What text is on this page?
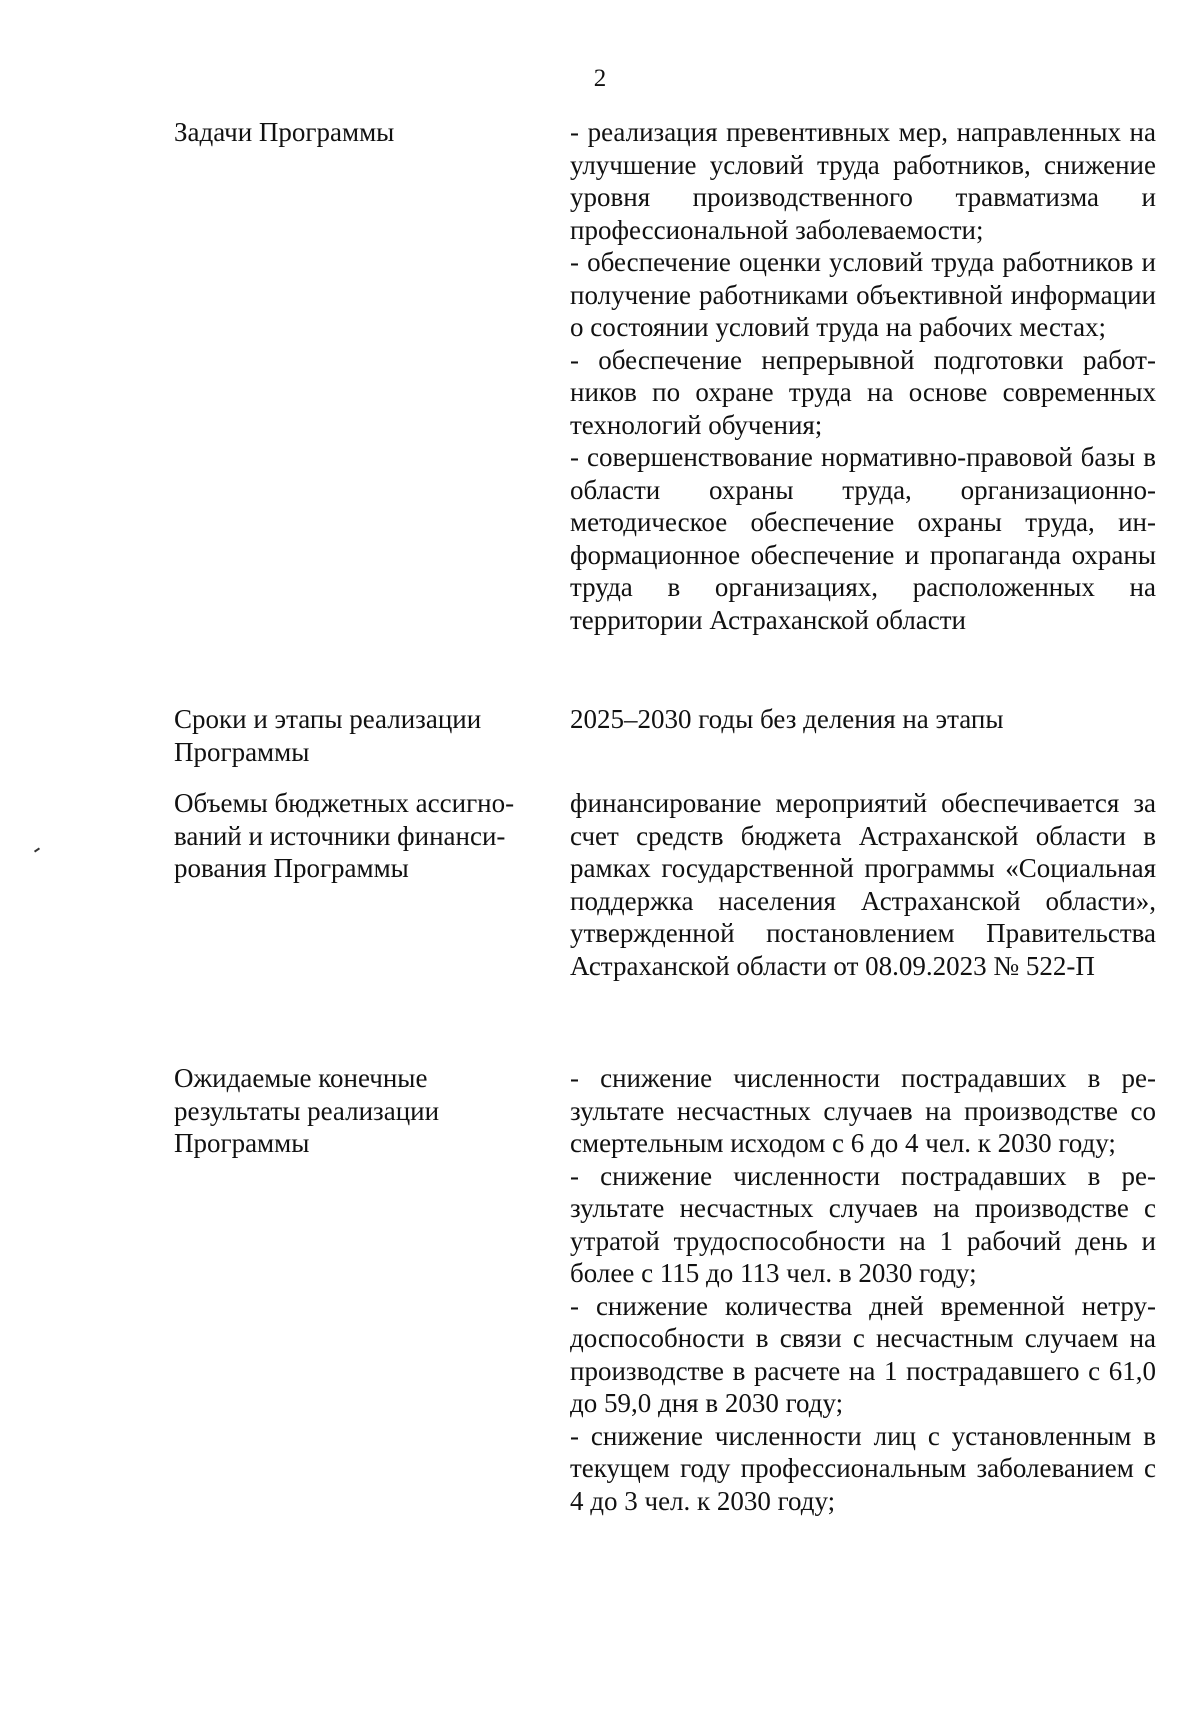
2
Задачи Программы	- реализация превентивных мер, направленных на улучшение условий труда работников, снижение уровня производственного травматизма и профессиональной заболеваемости;

- обеспечение оценки условий труда работников и получение работниками объективной информации о состоянии условий труда на рабочих местах;

- обеспечение непрерывной подготовки работников по охране труда на основе современных технологий обучения;

- совершенствование нормативно-правовой базы в области охраны труда, организационно-методическое обеспечение охраны труда, информационное обеспечение и пропаганда охраны труда в организациях, расположенных на территории Астраханской области

Сроки и этапы реализации Программы

2025–2030 годы без деления на этапы

Объемы бюджетных ассигнований и источники финансирования Программы

финансирование мероприятий обеспечивается за счет средств бюджета Астраханской области в рамках государственной программы «Социальная поддержка населения Астраханской области», утвержденной постановлением Правительства Астраханской области от 08.09.2023 № 522-П

Ожидаемые конечные результаты реализации Программы

- снижение численности пострадавших в результате несчастных случаев на производстве со смертельным исходом с 6 до 4 чел. к 2030 году;

- снижение численности пострадавших в результате несчастных случаев на производстве с утратой трудоспособности на 1 рабочий день и более с 115 до 113 чел. в 2030 году;

- снижение количества дней временной нетрудоспособности в связи с несчастным случаем на производстве в расчете на 1 пострадавшего с 61,0 до 59,0 дня в 2030 году;

- снижение численности лиц с установленным в текущем году профессиональным заболеванием с 4 до 3 чел. к 2030 году;
